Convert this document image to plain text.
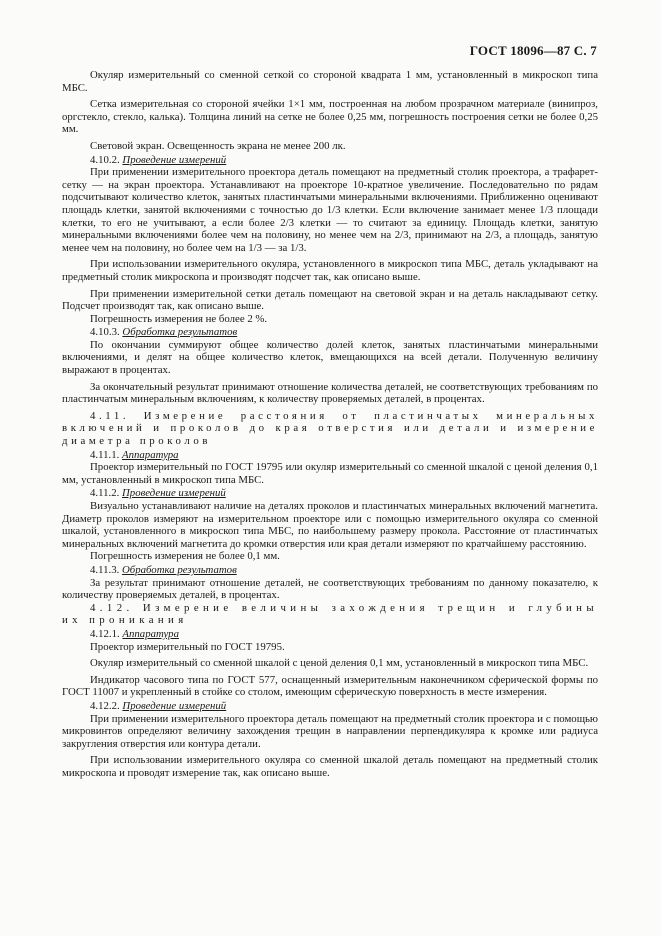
ГОСТ 18096—87 С. 7

Окуляр измерительный со сменной сеткой со стороной квадрата 1 мм, установленный в микроскоп типа МБС.

Сетка измерительная со стороной ячейки 1×1 мм, построенная на любом прозрачном материале (винипроз, оргстекло, стекло, калька). Толщина линий на сетке не более 0,25 мм, погрешность построения сетки не более 0,25 мм.

Световой экран. Освещенность экрана не менее 200 лк.

4.10.2. Проведение измерений

При применении измерительного проектора деталь помещают на предметный столик проектора, а трафарет-сетку — на экран проектора. Устанавливают на проекторе 10-кратное увеличение. Последовательно по рядам подсчитывают количество клеток, занятых пластинчатыми минеральными включениями. Приближенно оценивают площадь клетки, занятой включениями с точностью до 1/3 клетки. Если включение занимает менее 1/3 площади клетки, то его не учитывают, а если более 2/3 клетки — то считают за единицу. Площадь клетки, занятую минеральными включениями более чем на половину, но менее чем на 2/3, принимают на 2/3, а площадь, занятую менее чем на половину, но более чем на 1/3 — за 1/3.

При использовании измерительного окуляра, установленного в микроскоп типа МБС, деталь укладывают на предметный столик микроскопа и производят подсчет так, как описано выше.

При применении измерительной сетки деталь помещают на световой экран и на деталь накладывают сетку. Подсчет производят так, как описано выше.

Погрешность измерения не более 2 %.

4.10.3. Обработка результатов

По окончании суммируют общее количество долей клеток, занятых пластинчатыми минеральными включениями, и делят на общее количество клеток, вмещающихся на всей детали. Полученную величину выражают в процентах.

За окончательный результат принимают отношение количества деталей, не соответствующих требованиям по пластинчатым минеральным включениям, к количеству проверяемых деталей, в процентах.

4.11. Измерение расстояния от пластинчатых минеральных включений и проколов до края отверстия или детали и измерение диаметра проколов

4.11.1. Аппаратура

Проектор измерительный по ГОСТ 19795 или окуляр измерительный со сменной шкалой с ценой деления 0,1 мм, установленный в микроскоп типа МБС.

4.11.2. Проведение измерений

Визуально устанавливают наличие на деталях проколов и пластинчатых минеральных включений магнетита. Диаметр проколов измеряют на измерительном проекторе или с помощью измерительного окуляра со сменной шкалой, установленного в микроскоп типа МБС, по наибольшему размеру прокола. Расстояние от пластинчатых минеральных включений магнетита до кромки отверстия или края детали измеряют по кратчайшему расстоянию.

Погрешность измерения не более 0,1 мм.

4.11.3. Обработка результатов

За результат принимают отношение деталей, не соответствующих требованиям по данному показателю, к количеству проверяемых деталей, в процентах.

4.12. Измерение величины захождения трещин и глубины их проникания

4.12.1. Аппаратура

Проектор измерительный по ГОСТ 19795.

Окуляр измерительный со сменной шкалой с ценой деления 0,1 мм, установленный в микроскоп типа МБС.

Индикатор часового типа по ГОСТ 577, оснащенный измерительным наконечником сферической формы по ГОСТ 11007 и укрепленный в стойке со столом, имеющим сферическую поверхность в месте измерения.

4.12.2. Проведение измерений

При применении измерительного проектора деталь помещают на предметный столик проектора и с помощью микровинтов определяют величину захождения трещин в направлении перпендикуляра к кромке или радиуса закругления отверстия или контура детали.

При использовании измерительного окуляра со сменной шкалой деталь помещают на предметный столик микроскопа и проводят измерение так, как описано выше.
